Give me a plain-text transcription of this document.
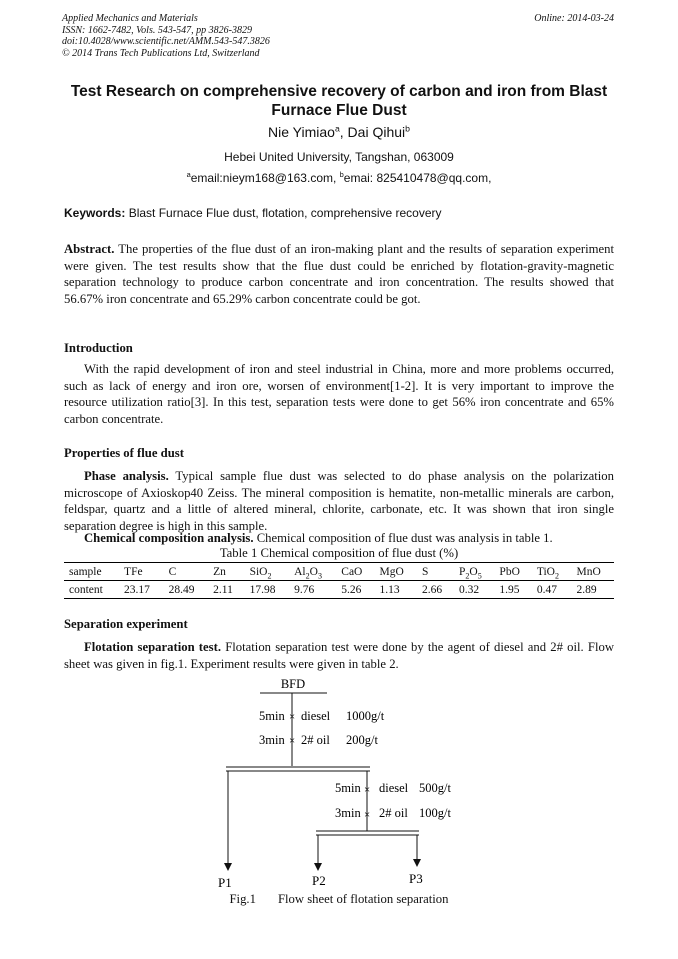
Applied Mechanics and Materials
ISSN: 1662-7482, Vols. 543-547, pp 3826-3829
doi:10.4028/www.scientific.net/AMM.543-547.3826
© 2014 Trans Tech Publications Ltd, Switzerland
Online: 2014-03-24
Test Research on comprehensive recovery of carbon and iron from Blast Furnace Flue Dust
Nie Yimiao$^a$, Dai Qihui$^b$
Hebei United University, Tangshan, 063009
$^a$email:nieym168@163.com, $^b$emai: 825410478@qq.com,
Keywords: Blast Furnace Flue dust, flotation, comprehensive recovery
Abstract. The properties of the flue dust of an iron-making plant and the results of separation experiment were given. The test results show that the flue dust could be enriched by flotation-gravity-magnetic separation technology to produce carbon concentrate and iron concentration. The results showed that 56.67% iron concentrate and 65.29% carbon concentrate could be got.
Introduction
With the rapid development of iron and steel industrial in China, more and more problems occurred, such as lack of energy and iron ore, worsen of environment[1-2]. It is very important to improve the resource utilization ratio[3]. In this test, separation tests were done to get 56% iron concentrate and 65% carbon concentrate.
Properties of flue dust
Phase analysis. Typical sample flue dust was selected to do phase analysis on the polarization microscope of Axioskop40 Zeiss. The mineral composition is hematite, non-metallic minerals are carbon, feldspar, quartz and a little of altered mineral, chlorite, carbonate, etc. It was shown that iron single separation degree is high in this sample.
Chemical composition analysis. Chemical composition of flue dust was analysis in table 1.
Table 1 Chemical composition of flue dust (%)
sample	TFe	C	Zn	SiO$_2$	$Al_2O_3$	CaO	MgO	S	$P_2O_5$	PbO	TiO$_2$	MnO
content	23.17	28.49	2.11	17.98	9.76	5.26	1.13	2.66	0.32	1.95	0.47	2.89
Separation experiment
Flotation separation test. Flotation separation test were done by the agent of diesel and 2# oil. Flow sheet was given in fig.1. Experiment results were given in table 2.
BFD
5min × diesel 1000g/t
3min × 2# oil 200g/t
5min × diesel 500g/t
3min × 2# oil 100g/t
P1	P2	P3
Fig.1 Flow sheet of flotation separation
